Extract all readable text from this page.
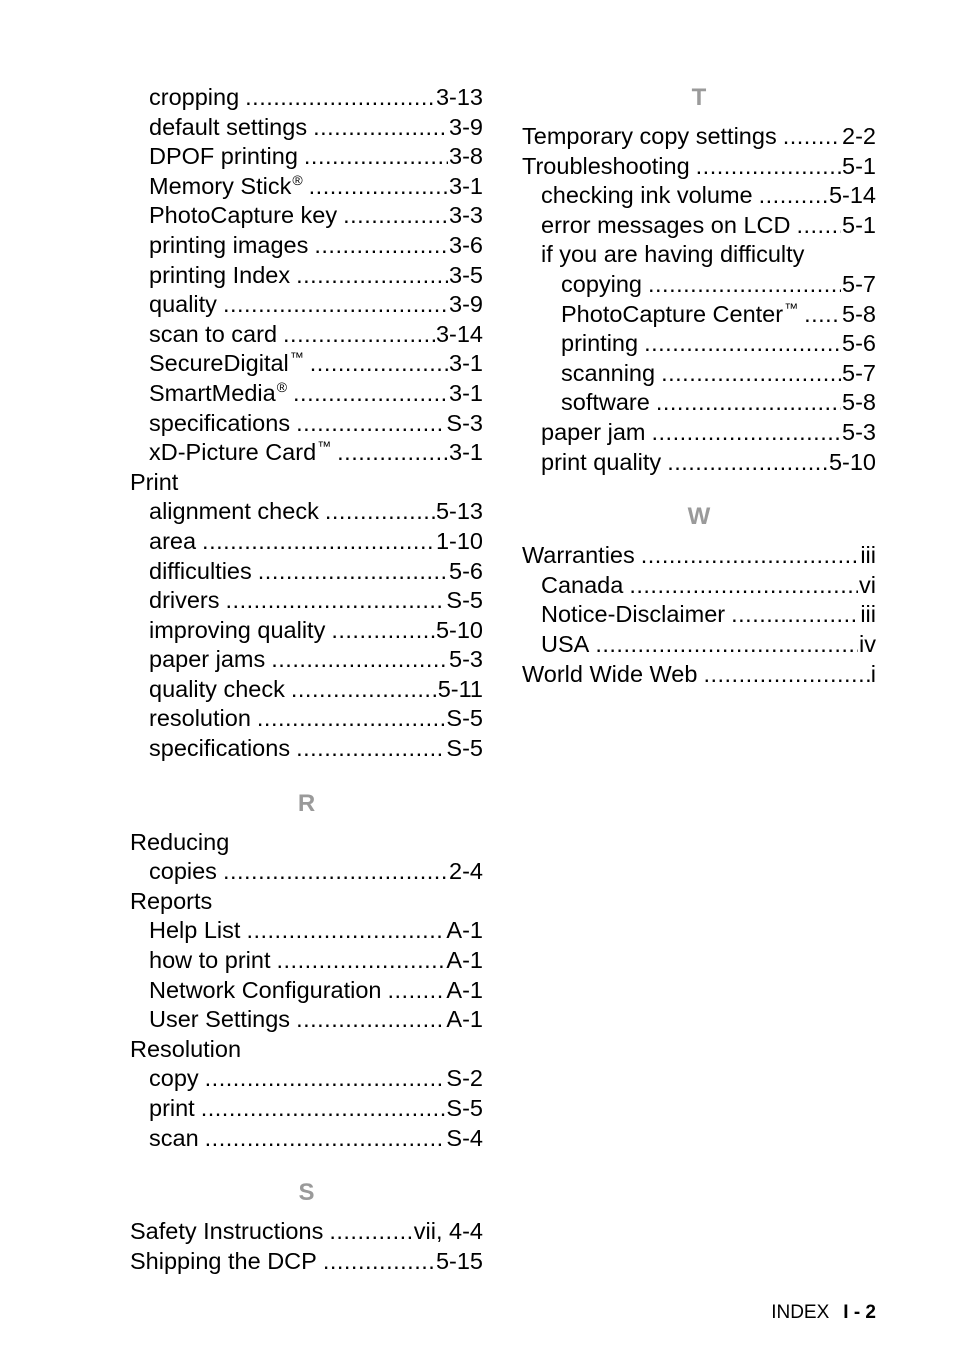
cropping .....	3-13
default settings .....	3-9
DPOF printing .....	3-8
Memory Stick® .....	3-1
PhotoCapture key .....	3-3
printing images .....	3-6
printing Index .....	3-5
quality .....	3-9
scan to card .....	3-14
SecureDigital™ .....	3-1
SmartMedia® .....	3-1
specifications .....	S-3
xD-Picture Card™ .....	3-1
Print
alignment check .....	5-13
area .....	1-10
difficulties .....	5-6
drivers .....	S-5
improving quality .....	5-10
paper jams .....	5-3
quality check .....	5-11
resolution .....	S-5
specifications .....	S-5
R
Reducing
copies .....	2-4
Reports
Help List .....	A-1
how to print .....	A-1
Network Configuration .....	A-1
User Settings .....	A-1
Resolution
copy .....	S-2
print .....	S-5
scan .....	S-4
S
Safety Instructions .....	vii, 4-4
Shipping the DCP .....	5-15
T
Temporary copy settings .....	2-2
Troubleshooting .....	5-1
checking ink volume .....	5-14
error messages on LCD ..... 5-1
if you are having difficulty
copying .....	5-7
PhotoCapture Center™ ..... 5-8
printing .....	5-6
scanning .....	5-7
software .....	5-8
paper jam .....	5-3
print quality .....	5-10
W
Warranties .....	iii
Canada .....	vi
Notice-Disclaimer .....	iii
USA .....	iv
World Wide Web .....	i
INDEX I - 2
